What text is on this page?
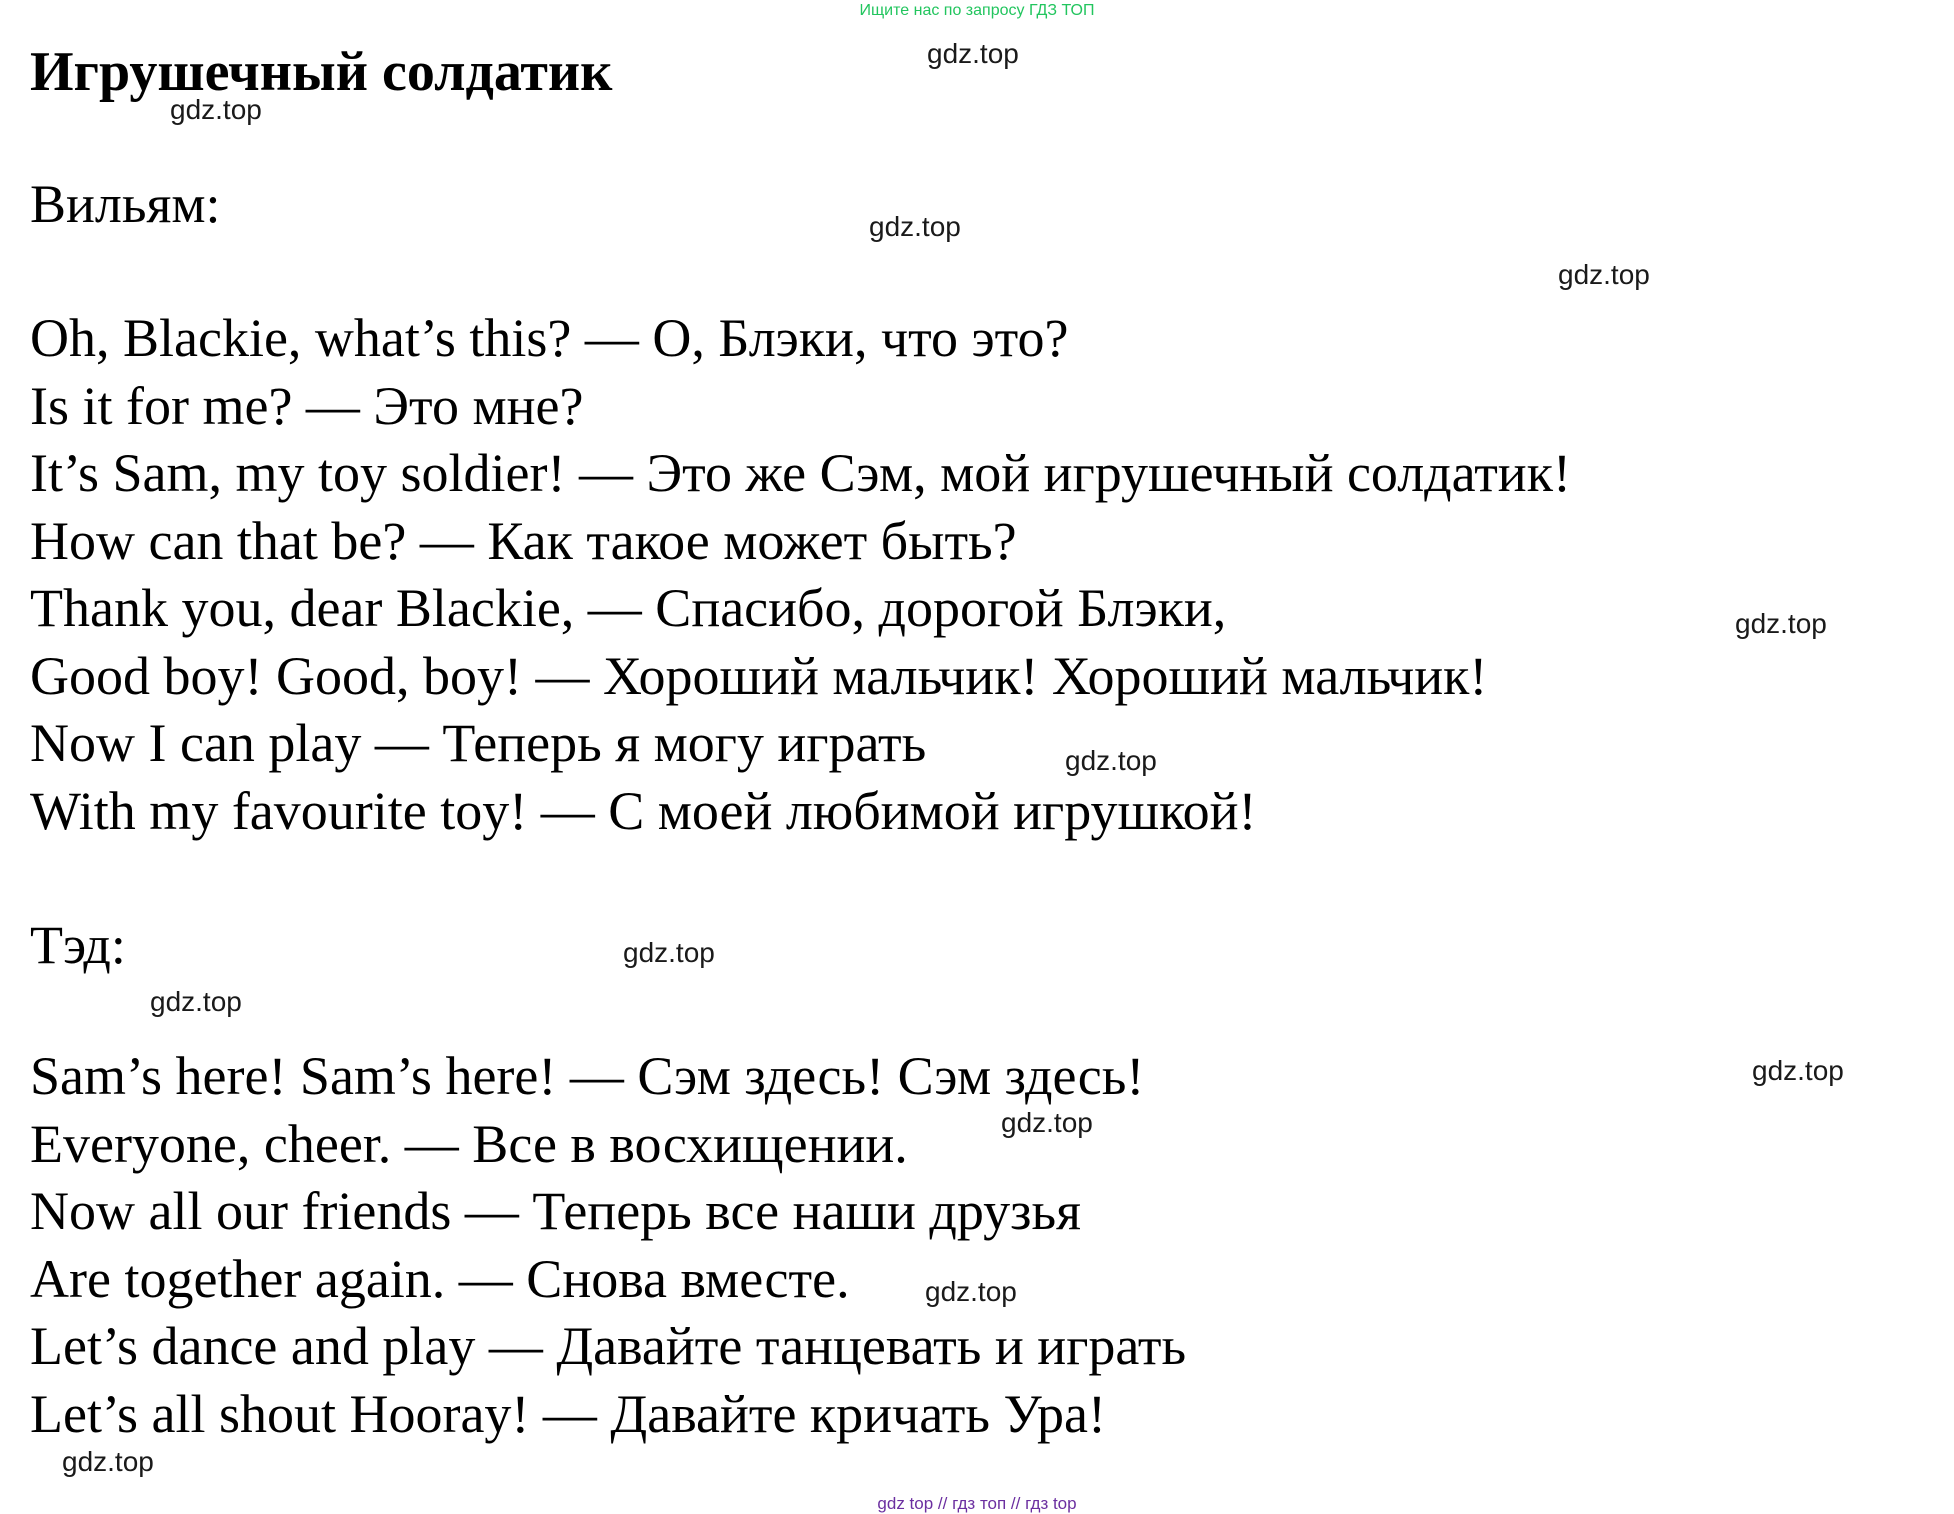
Ищите нас по запросу ГДЗ ТОП
Игрушечный солдатик

Вильям:

Oh, Blackie, what’s this? — О, Блэки, что это?
Is it for me? — Это мне?
It’s Sam, my toy soldier! — Это же Сэм, мой игрушечный солдатик!
How can that be? — Как такое может быть?
Thank you, dear Blackie, — Спасибо, дорогой Блэки,
Good boy! Good, boy! — Хороший мальчик! Хороший мальчик!
Now I can play — Теперь я могу играть
With my favourite toy! — С моей любимой игрушкой!

Тэд:

Sam’s here! Sam’s here! — Сэм здесь! Сэм здесь!
Everyone, cheer. — Все в восхищении.
Now all our friends — Теперь все наши друзья
Are together again. — Снова вместе.
Let’s dance and play — Давайте танцевать и играть
Let’s all shout Hooray! — Давайте кричать Ура!
gdz.top
gdz.top
gdz.top
gdz.top
gdz.top
gdz.top
gdz.top
gdz.top
gdz.top
gdz.top
gdz.top
gdz.top
gdz top // гдз топ // гдз top
